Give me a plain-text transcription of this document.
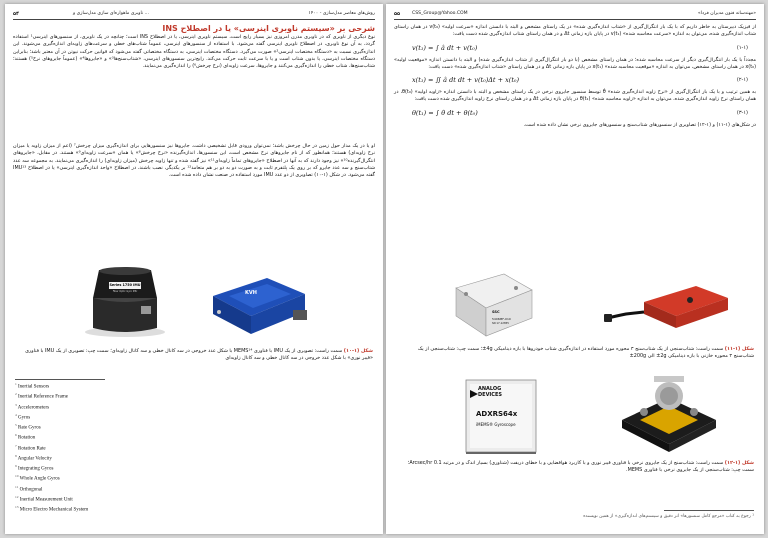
۵۴	ناوبری ماهواره‌ای سازی مدل‌سازی و ...	روش‌های معاصر مدل‌سازی - ۱۴۰۰
شرحی بر «سیستم ناوبری اینرسی» یا در اصطلاح INS
نوع دیگری از ناوبری که در ناوبری مدرن امروزی نیز بسیار رایج است، سیستم ناوبری اینرسی، یا در اصطلاح INS است؛ چنانچه در یک ناوبری، از سنسورهای اینرسی¹ استفاده گردد، به آن نوع ناوبری، در اصطلاح ناوبری اینرسی گفته می‌شود. با استفاده از سنسورهای اینرسی، عموماً شتاب‌های خطی و سرعت‌های زاویه‌ای اندازه‌گیری می‌شوند. این اندازه‌گیری نسبت به «دستگاه مختصات اینرسی²» صورت می‌گیرد. دستگاه مختصات اینرسی، به دستگاه مختصاتی گفته می‌شود که قوانین حرکت نیوتن در آن معتبر باشد؛ بنابراین دستگاه مختصات اینرسی، یا بدون شتاب است و یا با سرعت ثابت حرکت می‌کند. رایج‌ترین سنسورهای اینرسی، «شتاب‌سنج‌ها³» و «جایروها⁴» (عموماً جایروهای نرخ⁵) هستند؛ شتاب‌سنج‌ها، شتاب خطی را اندازه‌گیری می‌کنند و جایروها، سرعت زاویه‌ای (نرخ چرخش⁶) را اندازه‌گیری می‌نمایند.
او یا در یک مدار حول زمین در حال چرخش باشد؛ نمی‌توان ورودی قابل تشخیصی داشت. جایروها نیز سنسورهایی برای اندازه‌گیری میزان چرخش⁷ (اعم از میزان زاویه یا میزان نرخ زاویه‌ای) هستند؛ همانطور که از نام جایروهای نرخ مشخص است، این سنسورها، اندازه‌گیرنده «نرخ چرخش⁸» یا همان «سرعت زاویه‌ای⁹» هستند. در مقابل، «جایروهای انتگرال‌گیرنده¹⁰» نیز وجود دارند که به آنها در اصطلاح «جایروهای تماماً زاویه‌ای¹¹» نیز گفته شده و تنها زاویه چرخش (میزان زاویه‌ای) را اندازه‌گیری می‌نمایند. به مجموعه سه عدد شتاب‌سنج و سه عدد جایرو که بر روی یک پلتفرم ثابت و به صورت دو به دو بر هم متعامد¹² بر یکدیگر، نصب باشند، در اصطلاح «واحد اندازه‌گیری اینرسی» یا در اصطلاح IMU¹³ گفته می‌شود. در شکل (۱-۱۰) تصاویری از دو عدد IMU مورد استفاده در صنعت نشان داده شده است.
Series 1750 IMU
Fiber Optic Gyro IMU	KVH
شکل (۱-۱۰) سمت راست: تصویری از یک IMU با فناوری MEMS¹⁴ با شکل عدد خروجی در سه کانال خطی و سه کانال زاویه‌ای؛ سمت چپ: تصویری از یک IMU با فناوری «فیبر نوری» با شکل عدد خروجی در سه کانال خطی و سه کانال زاویه‌ای
$^1$ Inertial Sensors
$^2$ Inertial Reference Frame
$^3$ Accelerometers
$^4$ Gyros
$^5$ Rate Gyros
$^6$ Rotation
$^7$ Rotation Rate
$^8$ Angular Velocity
$^9$ Integrating Gyros
$^{10}$ Whole Angle Gyros
$^{11}$ Orthogonal
$^{12}$ Inertial Measurement Unit
$^{13}$ Micro Electro Mechanical System
۵۵	CSS_Group@Yahoo.COM	«مهندسانه فنون مدیران فردا»
از فیزیک دبیرستان به خاطر داریم که با یک بار انتگرال‌گیری از «شتاب اندازه‌گیری شده» در یک راستای مشخص و البته با دانستن اندازه «سرعت اولیه» v(t₀) در همان راستای شتاب اندازه‌گیری شده، می‌توان به اندازه «سرعت محاسبه شده» v(t₁) در پایان بازه زمانی Δt و در همان راستای شتاب اندازه‌گیری شده دست یافت:
v(t₁) = ∫ â dt + v(t₀)	(۱-۱)
مجدداً با یک بار انتگرال‌گیری دیگر از سرعت محاسبه شده؛ در همان راستای مشخص (با دو بار انتگرال‌گیری از شتاب اندازه‌گیری شده) و البته با دانستن اندازه «موقعیت اولیه» x(t₀) در همان راستای مشخص، می‌توان به اندازه «موقعیت محاسبه شده» x(t₁) در پایان بازه زمانی Δt و در همان راستای «شتاب اندازه‌گیری شده» دست یافت:
x(t₁) = ∬ â dt dt + v(t₀)Δt + x(t₀)	(۲-۱)
به همین ترتیب و با یک بار انتگرال‌گیری از «نرخ زاویه اندازه‌گیری شده» θ̇ توسط سنسور جایروی نرخی در یک راستای مشخص و البته با دانستن اندازه «زاویه اولیه» θ(t₀)، در همان راستای نرخ زاویه اندازه‌گیری شده، می‌توان به اندازه «زاویه محاسبه شده» θ(t₁) در پایان بازه زمانی Δt و در همان راستای نرخ زاویه اندازه‌گیری شده دست یافت:
θ(t₁) = ∫ θ̇ dt + θ(t₀)	(۳-۱)
در شکل‌های (۱-۱۱) و (۱-۱۲) تصاویری از سنسورهای شتاب‌سنج و سنسورهای جایروی نرخی نشان داده شده است.
SSC
5406MF-010
SN 17-12855
شکل (۱-۱۱) سمت راست: شتاب‌سنجی از یک شتاب‌سنج ۳ محوره مورد استفاده در اندازه‌گیری شتاب خودروها با بازه دینامیکی 4g±؛ سمت چپ: شتاب‌سنجی از یک شتاب‌سنج ۳ محوره خازنی با بازه دینامیکی 2g± الی 200g±
ANALOG
DEVICES
ADXRS64x
iMEMS® Gyroscope
شکل (۱-۱۲) سمت راست: شتاب‌سنج از یک جایروی نرخی با فناوری فیبر نوری و با کاربرد هوافضایی و با خطای دریفت (شناوری) بسیار اندک و در مرتبه 0.1 Arcsec/hr؛ سمت چپ: شتاب‌سنجی از یک جایروی نرخی با فناوری MEMS.
¹ رجوع به کتاب «مرجع کامل سنسورها» اثر دقیق و سیستم‌های اندازه‌گیری» از همین نویسنده
